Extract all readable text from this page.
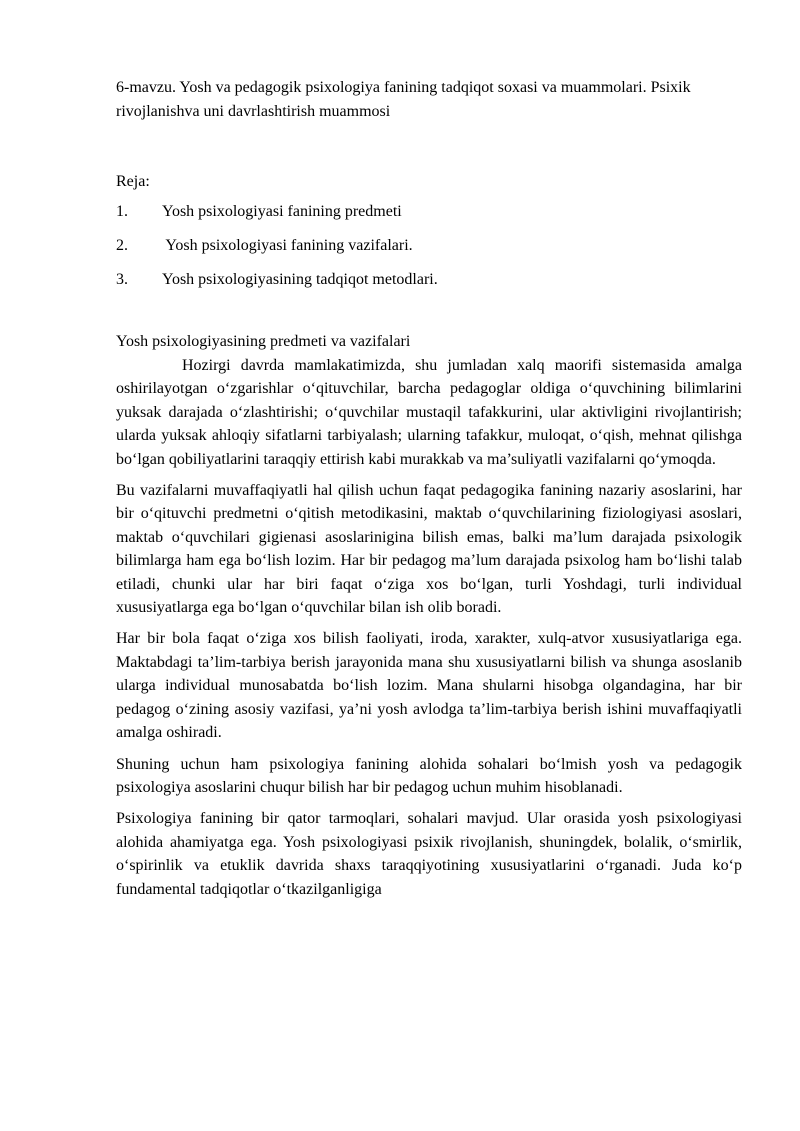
6-mavzu. Yosh va pedagogik psixologiya fanining tadqiqot soxasi va muammolari. Psixik rivojlanishva uni davrlashtirish muammosi
Reja:
1. Yosh psixologiyasi fanining predmeti
2. Yosh psixologiyasi fanining vazifalari.
3. Yosh psixologiyasining tadqiqot metodlari.
Yosh psixologiyasining predmeti va vazifalari

Hozirgi davrda mamlakatimizda, shu jumladan xalq maorifi sistemasida amalga oshirilayotgan o‘zgarishlar o‘qituvchilar, barcha pedagoglar oldiga o‘quvchining bilimlarini yuksak darajada o‘zlashtirishi; o‘quvchilar mustaqil tafakkurini, ular aktivligini rivojlantirish; ularda yuksak ahloqiy sifatlarni tarbiyalash; ularning tafakkur, muloqat, o‘qish, mehnat qilishga bo‘lgan qobiliyatlarini taraqqiy ettirish kabi murakkab va ma’suliyatli vazifalarni qo‘ymoqda.

Bu vazifalarni muvaffaqiyatli hal qilish uchun faqat pedagogika fanining nazariy asoslarini, har bir o‘qituvchi predmetni o‘qitish metodikasini, maktab o‘quvchilarining fiziologiyasi asoslari, maktab o‘quvchilari gigienasi asoslarinigina bilish emas, balki ma’lum darajada psixologik bilimlarga ham ega bo‘lish lozim. Har bir pedagog ma’lum darajada psixolog ham bo‘lishi talab etiladi, chunki ular har biri faqat o‘ziga xos bo‘lgan, turli Yoshdagi, turli individual xususiyatlarga ega bo‘lgan o‘quvchilar bilan ish olib boradi.

Har bir bola faqat o‘ziga xos bilish faoliyati, iroda, xarakter, xulq-atvor xususiyatlariga ega. Maktabdagi ta’lim-tarbiya berish jarayonida mana shu xususiyatlarni bilish va shunga asoslanib ularga individual munosabatda bo‘lish lozim. Mana shularni hisobga olgandagina, har bir pedagog o‘zining asosiy vazifasi, ya’ni yosh avlodga ta’lim-tarbiya berish ishini muvaffaqiyatli amalga oshiradi.

Shuning uchun ham psixologiya fanining alohida sohalari bo‘lmish yosh va pedagogik psixologiya asoslarini chuqur bilish har bir pedagog uchun muhim hisoblanadi.

Psixologiya fanining bir qator tarmoqlari, sohalari mavjud. Ular orasida yosh psixologiyasi alohida ahamiyatga ega. Yosh psixologiyasi psixik rivojlanish, shuningdek, bolalik, o‘smirlik, o‘spirinlik va etuklik davrida shaxs taraqqiyotining xususiyatlarini o‘rganadi. Juda ko‘p fundamental tadqiqotlar o‘tkazilganligiga
